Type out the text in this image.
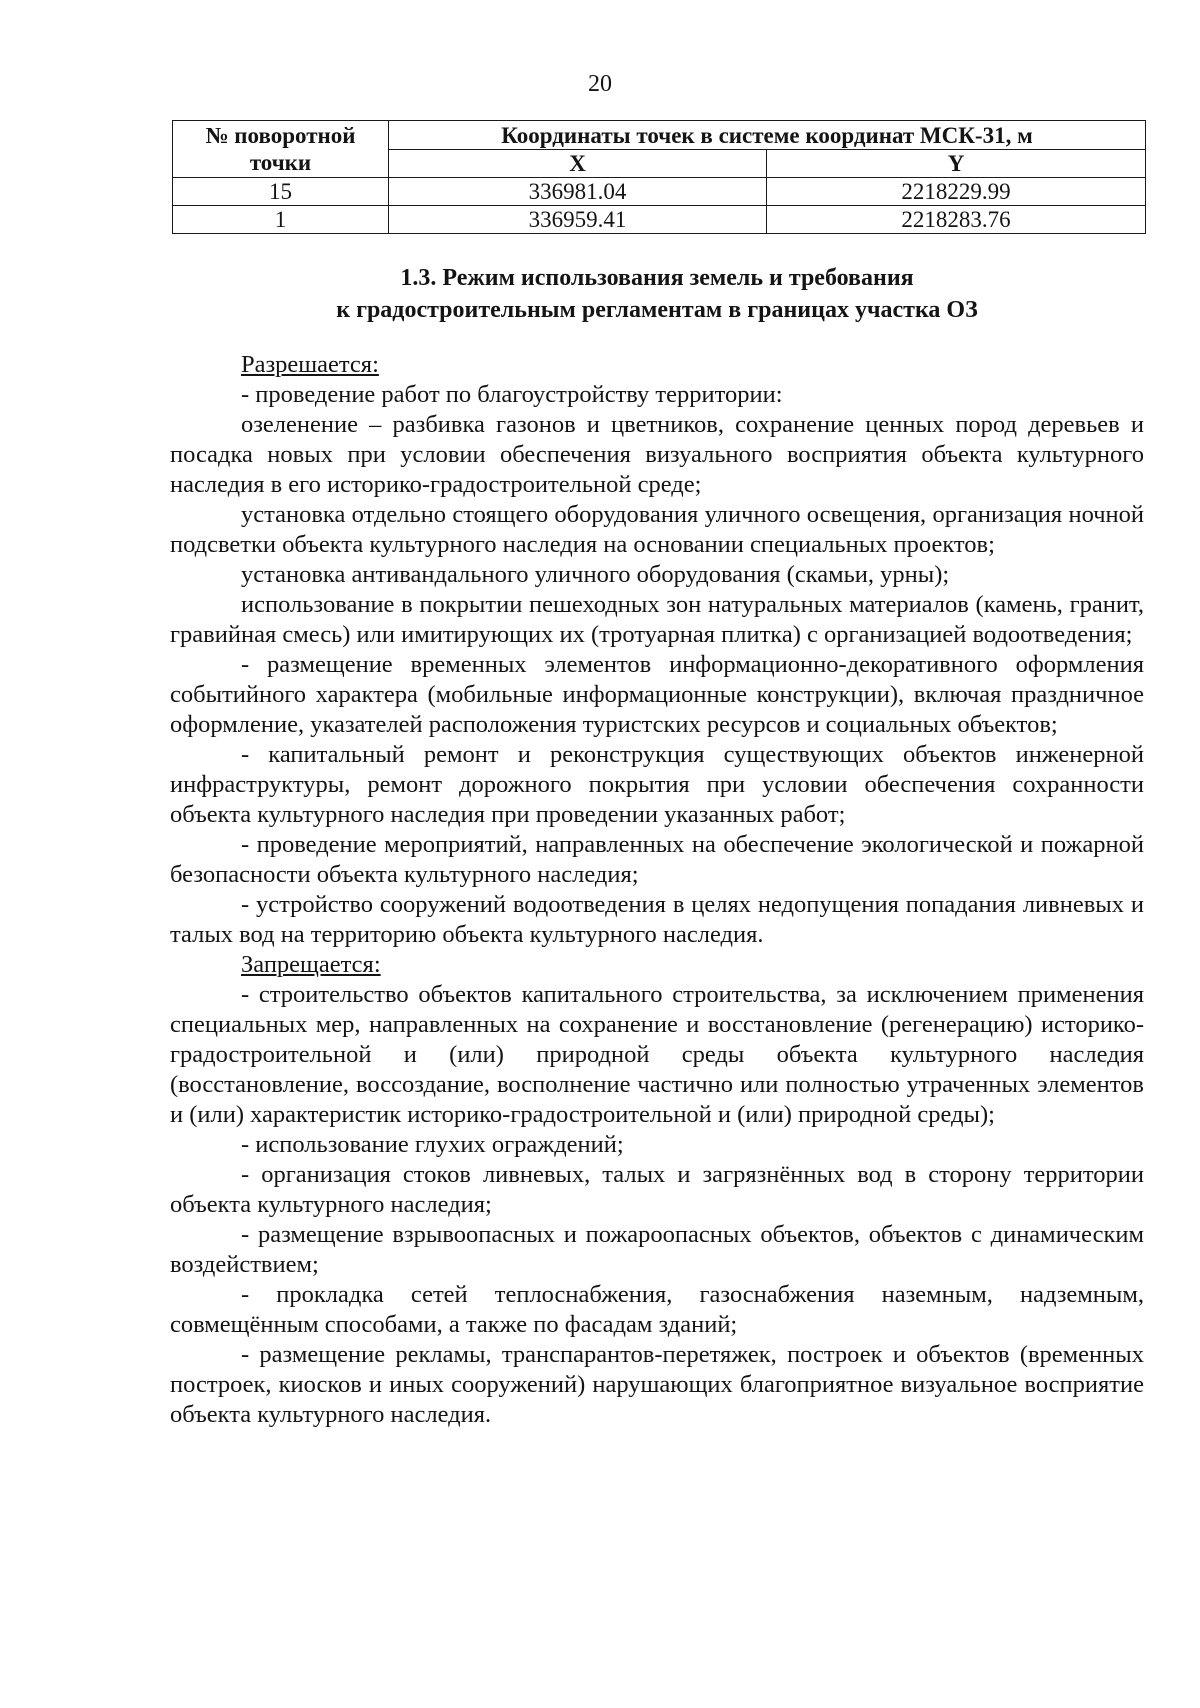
20
№ поворотной точки	Координаты точек в системе координат МСК-31, м	
	X	Y
15	336981.04	2218229.99
1	336959.41	2218283.76
1.3. Режим использования земель и требования
к градостроительным регламентам в границах участка ОЗ

Разрешается:

- проведение работ по благоустройству территории:

озеленение – разбивка газонов и цветников, сохранение ценных пород деревьев и посадка новых при условии обеспечения визуального восприятия объекта культурного наследия в его историко-градостроительной среде;

установка отдельно стоящего оборудования уличного освещения, организация ночной подсветки объекта культурного наследия на основании специальных проектов;

установка антивандального уличного оборудования (скамьи, урны);

использование в покрытии пешеходных зон натуральных материалов (камень, гранит, гравийная смесь) или имитирующих их (тротуарная плитка) с организацией водоотведения;

- размещение временных элементов информационно-декоративного оформления событийного характера (мобильные информационные конструкции), включая праздничное оформление, указателей расположения туристских ресурсов и социальных объектов;

- капитальный ремонт и реконструкция существующих объектов инженерной инфраструктуры, ремонт дорожного покрытия при условии обеспечения сохранности объекта культурного наследия при проведении указанных работ;

- проведение мероприятий, направленных на обеспечение экологической и пожарной безопасности объекта культурного наследия;

- устройство сооружений водоотведения в целях недопущения попадания ливневых и талых вод на территорию объекта культурного наследия.

Запрещается:

- строительство объектов капитального строительства, за исключением применения специальных мер, направленных на сохранение и восстановление (регенерацию) историко-градостроительной и (или) природной среды объекта культурного наследия (восстановление, воссоздание, восполнение частично или полностью утраченных элементов и (или) характеристик историко-градостроительной и (или) природной среды);

- использование глухих ограждений;

- организация стоков ливневых, талых и загрязнённых вод в сторону территории объекта культурного наследия;

- размещение взрывоопасных и пожароопасных объектов, объектов с динамическим воздействием;

- прокладка сетей теплоснабжения, газоснабжения наземным, надземным, совмещённым способами, а также по фасадам зданий;

- размещение рекламы, транспарантов-перетяжек, построек и объектов (временных построек, киосков и иных сооружений) нарушающих благоприятное визуальное восприятие объекта культурного наследия.
